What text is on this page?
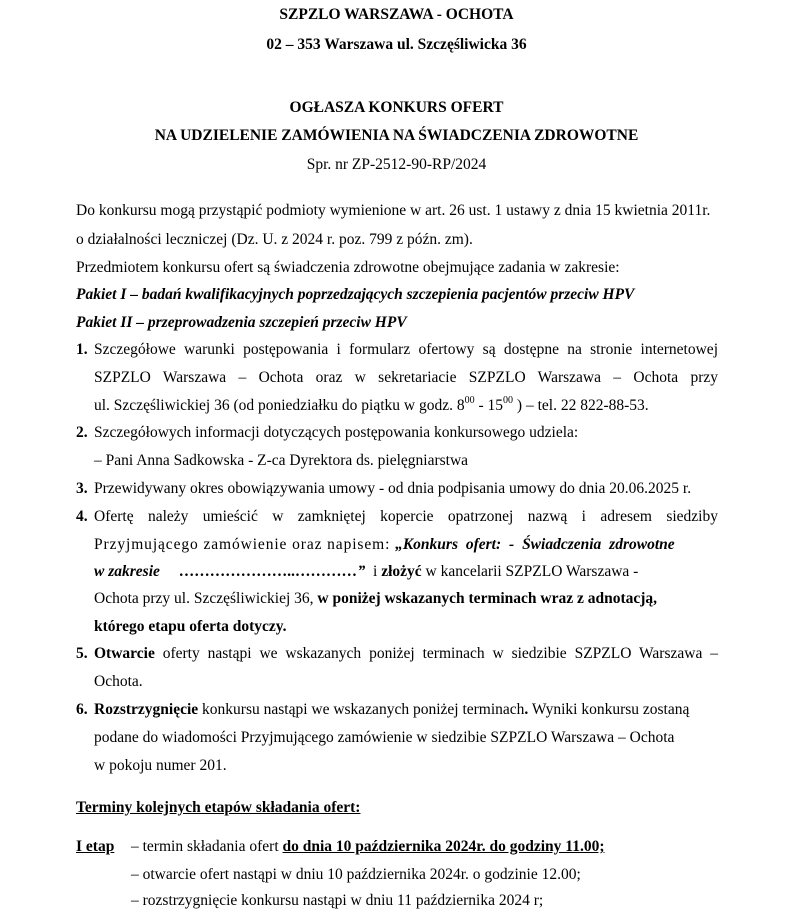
SZPZLO WARSZAWA - OCHOTA
02 – 353 Warszawa ul. Szczęśliwicka 36
OGŁASZA KONKURS OFERT
NA UDZIELENIE ZAMÓWIENIA NA ŚWIADCZENIA ZDROWOTNE
Spr. nr ZP-2512-90-RP/2024
Do konkursu mogą przystąpić podmioty wymienione w art. 26 ust. 1 ustawy z dnia 15 kwietnia 2011r.
o działalności leczniczej (Dz. U. z 2024 r. poz. 799 z późn. zm).
Przedmiotem konkursu ofert są świadczenia zdrowotne obejmujące zadania w zakresie:
Pakiet I – badań kwalifikacyjnych poprzedzających szczepienia pacjentów przeciw HPV
Pakiet II – przeprowadzenia szczepień przeciw HPV
1. Szczegółowe warunki postępowania i formularz ofertowy są dostępne na stronie internetowej
SZPZLO Warszawa – Ochota oraz w sekretariacie SZPZLO Warszawa – Ochota przy
ul. Szczęśliwickiej 36 (od poniedziałku do piątku w godz. $8^{00} - 15^{00}$ ) – tel. 22 822-88-53.
2. Szczegółowych informacji dotyczących postępowania konkursowego udziela:
– Pani Anna Sadkowska - Z-ca Dyrektora ds. pielęgniarstwa
3. Przewidywany okres obowiązywania umowy - od dnia podpisania umowy do dnia 20.06.2025 r.
4. Ofertę należy umieścić w zamkniętej kopercie opatrzonej nazwą i adresem siedziby
Przyjmującego zamówienie oraz napisem: „Konkurs ofert: - Świadczenia zdrowotne
w zakresie     …………………..…………”  i złożyć w kancelarii SZPZLO Warszawa -
Ochota przy ul. Szczęśliwickiej 36, w poniżej wskazanych terminach wraz z adnotacją,
którego etapu oferta dotyczy.
5. Otwarcie oferty nastąpi we wskazanych poniżej terminach w siedzibie SZPZLO Warszawa –
Ochota.
6. Rozstrzygnięcie konkursu nastąpi we wskazanych poniżej terminach. Wyniki konkursu zostaną
podane do wiadomości Przyjmującego zamówienie w siedzibie SZPZLO Warszawa – Ochota
w pokoju numer 201.
Terminy kolejnych etapów składania ofert:
I etap – termin składania ofert do dnia 10 października 2024r. do godziny 11.00;
– otwarcie ofert nastąpi w dniu 10 października 2024r. o godzinie 12.00;
– rozstrzygnięcie konkursu nastąpi w dniu 11 października 2024 r;
